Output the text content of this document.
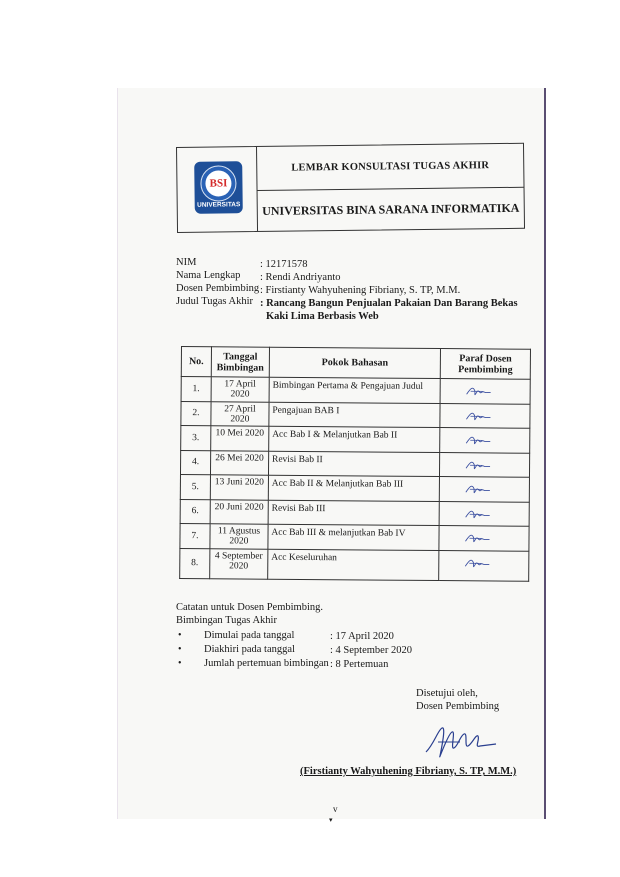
BSI
UNIVERSITAS
LEMBAR KONSULTASI TUGAS AKHIR
UNIVERSITAS BINA SARANA INFORMATIKA
NIM	: 12171578
Nama Lengkap : Rendi Andriyanto
Dosen Pembimbing : Firstianty Wahyuhening Fibriany, S. TP, M.M.
Judul Tugas Akhir : Rancang Bangun Penjualan Pakaian Dan Barang Bekas
Kaki Lima Berbasis Web
No.	Tanggal Bimbingan	Pokok Bahasan	Paraf Dosen Pembimbing
1.	17 April 2020	Bimbingan Pertama & Pengajuan Judul	

2.	27 April 2020	Pengajuan BAB I	

3.	10 Mei 2020	Acc Bab I & Melanjutkan Bab II	

4.	26 Mei 2020	Revisi Bab II	

5.	13 Juni 2020	Acc Bab II & Melanjutkan Bab III	

6.	20 Juni 2020	Revisi Bab III	

7.	11 Agustus 2020	Acc Bab III & melanjutkan Bab IV	

8.	4 September 2020	Acc Keseluruhan	
Catatan untuk Dosen Pembimbing.
Bimbingan Tugas Akhir
• Dimulai pada tanggal	: 17 April 2020
• Diakhiri pada tanggal	: 4 September 2020
• Jumlah pertemuan bimbingan : 8 Pertemuan
Disetujui oleh,
Dosen Pembimbing
(Firstianty Wahyuhening Fibriany, S. TP, M.M.)
v
▾
